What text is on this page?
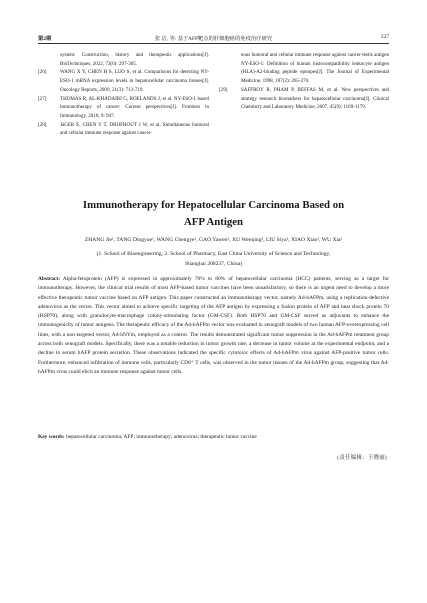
第2期	张 洁, 等: 基于AFP靶点的肝细胞癌的免疫治疗研究	227
system: Construction, history and therapeutic applications[J]. BioTechniques, 2022, 73(6): 297-305.
[26]	WANG X Y, CHEN H S, LUO S, et al. Comparisons for detecting NY-ESO-1 mRNA expression levels in hepatocellular carcinoma tissues[J]. Oncology Reports, 2009, 21(3): 713-719.
[27]	THOMAS R, AL-KHADAIRI G, ROELANDS J, et al. NY-ESO-1 based immunotherapy of cancer: Current perspectives[J]. Frontiers in Immunology, 2018, 9: 947.
[28]	JäGER E, CHEN Y T, DRIJFHOUT J W, et al. Simultaneous humoral and cellular immune response against cancer-
eous humoral and cellular immune response against cancer-testis antigen NY-ESO-1: Definition of human histocompatibility leukocyte antigen (HLA)-A2-binding peptide epitopes[J]. The Journal of Experimental Medicine, 1998, 187(2): 265-270.
[29]	SAFFROY R, PHAM P, REFFAS M, et al. New perspectives and strategy research biomarkers for hepatocellular carcinoma[J]. Clinical Chemistry and Laboratory Medicine, 2007, 45(9): 1169-1179.
Immunotherapy for Hepatocellular Carcinoma Based on
AFP Antigen
ZHANG Jie¹, TANG Dingyue¹, WANG Chengye², GAO Yawen², XU Wenqing², LIU Siya², XIAO Xiao², WU Xia²
(1. School of Bioengineering; 2. School of Pharmacy, East China University of Science and Technology,
Shanghai 200237, China)
Abstract: Alpha-fetoprotein (AFP) is expressed in approximately 70% to 80% of hepatocellular carcinoma (HCC) patients, serving as a target for immunotherapy. However, the clinical trial results of most AFP-based tumor vaccines have been unsatisfactory, so there is an urgent need to develop a more effective therapeutic tumor vaccine based on AFP antigen. This paper constructed an immunotherapy vector, namely Ad-hAFPm, using a replication-defective adenovirus as the vector. This vector aimed to achieve specific targeting of the AFP antigen by expressing a fusion protein of AFP and heat shock protein 70 (HSP70), along with granulocyte-macrophage colony-stimulating factor (GM-CSF). Both HSP70 and GM-CSF served as adjuvants to enhance the immunogenicity of tumor antigens. The therapeutic efficacy of the Ad-hAFPm vector was evaluated in xenograft models of two human AFP-overexpressing cell lines, with a non-targeted vector, Ad-hNYm, employed as a control. The results demonstrated significant tumor suppression in the Ad-hAFPm treatment group across both xenograft models. Specifically, there was a notable reduction in tumor growth rate, a decrease in tumor volume at the experimental endpoint, and a decline in serum hAFP protein secretion. These observations indicated the specific cytotoxic effects of Ad-hAFPm virus against AFP-positive tumor cells. Furthermore, enhanced infiltration of immune cells, particularly CD8⁺ T cells, was observed in the tumor tissues of the Ad-hAFPm group, suggesting that Ad-hAFPm virus could elicit an immune response against tumor cells.
Key words: hepatocellular carcinoma; AFP; immunotherapy; adenovirus; therapeutic tumor vaccine
(责任编辑：王晓丽)
